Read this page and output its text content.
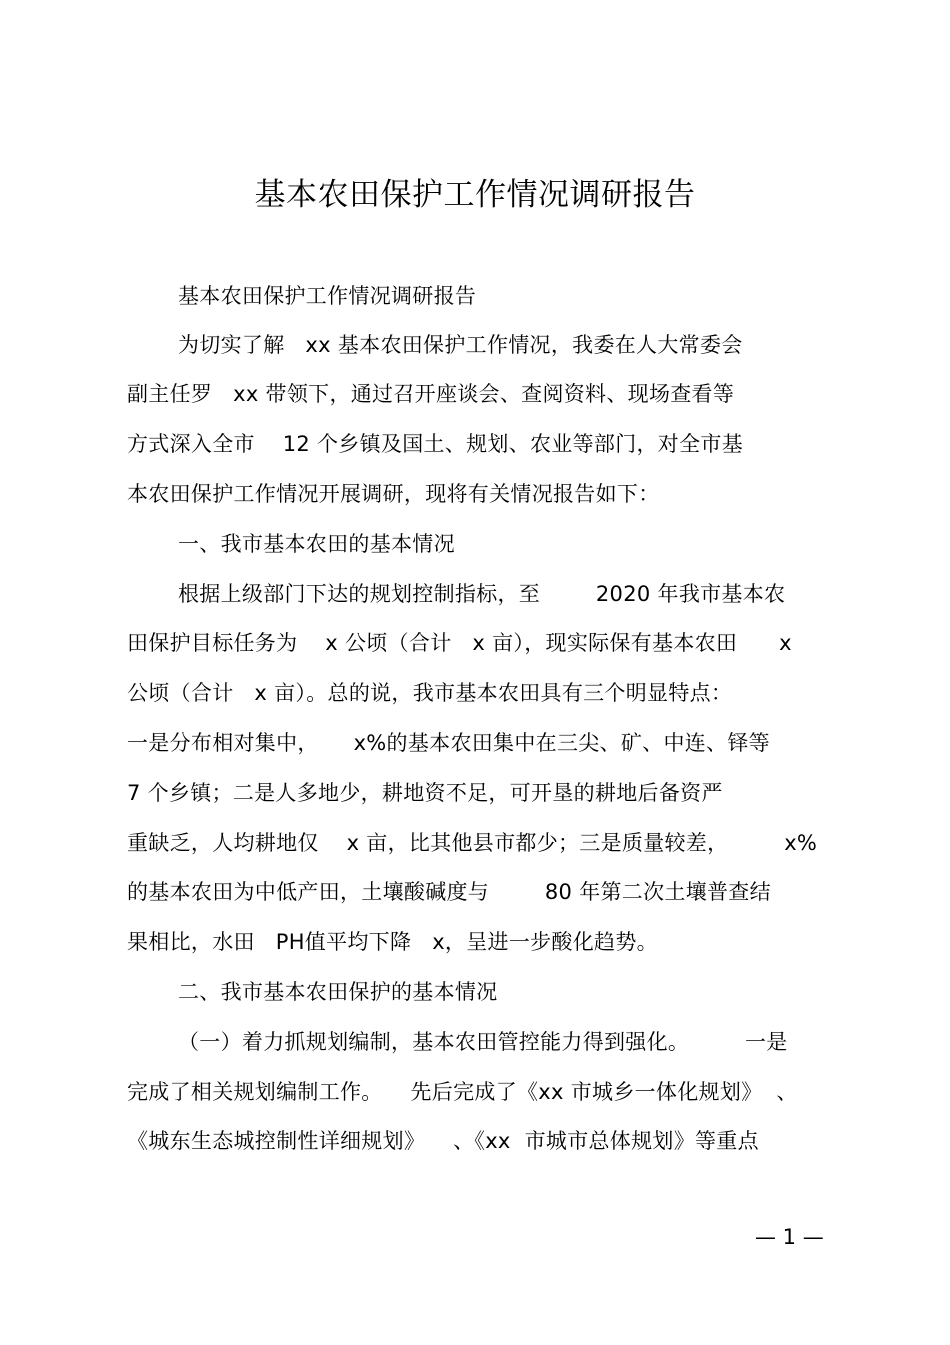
基本农田保护工作情况调研报告
基本农田保护工作情况调研报告
为切实了解   xx 基本农田保护工作情况，我委在人大常委会
副主任罗   xx 带领下，通过召开座谈会、查阅资料、现场查看等
方式深入全市    12 个乡镇及国土、规划、农业等部门，对全市基
本农田保护工作情况开展调研，现将有关情况报告如下：
一、我市基本农田的基本情况
根据上级部门下达的规划控制指标，至        2020 年我市基本农
田保护目标任务为    x 公顷（合计   x 亩），现实际保有基本农田      x
公顷（合计   x 亩）。总的说，我市基本农田具有三个明显特点：
一是分布相对集中，     x%的基本农田集中在三尖、矿、中连、铎等
7 个乡镇；二是人多地少，耕地资不足，可开垦的耕地后备资严
重缺乏，人均耕地仅    x 亩，比其他县市都少；三是质量较差，        x%
的基本农田为中低产田，土壤酸碱度与        80 年第二次土壤普查结
果相比，水田   PH值平均下降   x，呈进一步酸化趋势。
二、我市基本农田保护的基本情况
（一）着力抓规划编制，基本农田管控能力得到强化。        一是
完成了相关规划编制工作。    先后完成了《xx 市城乡一体化规划》  、
《城东生态城控制性详细规划》    、《xx  市城市总体规划》等重点
— 1 —
